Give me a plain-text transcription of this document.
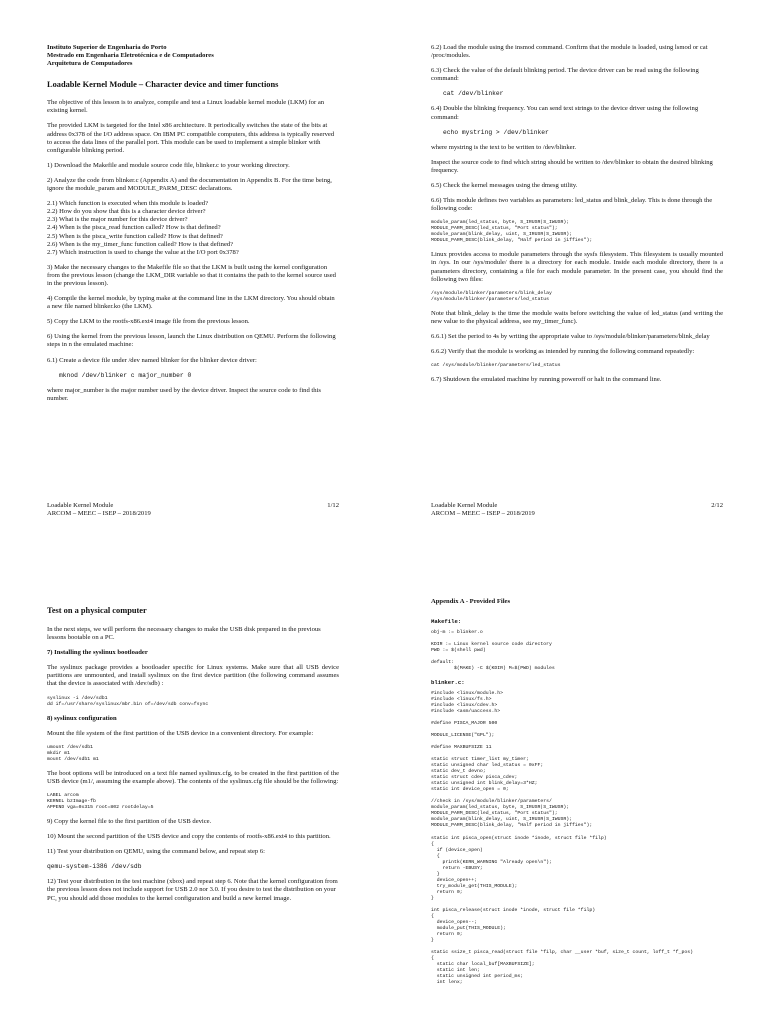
Instituto Superior de Engenharia do Porto
Mestrado em Engenharia Eletrotécnica e de Computadores
Arquitetura de Computadores
Loadable Kernel Module – Character device and timer functions
The objective of this lesson is to analyze, compile and test a Linux loadable kernel module (LKM) for an existing kernel.
The provided LKM is targeted for the Intel x86 architecture. It periodically switches the state of the bits at address 0x378 of the I/O address space. On IBM PC compatible computers, this address is typically reserved to access the data lines of the parallel port. This module can be used to implement a simple blinker with configurable blinking period.
1) Download the Makefile and module source code file, blinker.c to your working directory.
2) Analyze the code from blinker.c (Appendix A) and the documentation in Appendix B. For the time being, ignore the module_param and MODULE_PARM_DESC declarations.
2.1) Which function is executed when this module is loaded?
2.2) How do you show that this is a character device driver?
2.3) What is the major number for this device driver?
2.4) When is the pisca_read function called? How is that defined?
2.5) When is the pisca_write function called? How is that defined?
2.6) When is the my_timer_func function called? How is that defined?
2.7) Which instruction is used to change the value at the I/O port 0x378?
3) Make the necessary changes to the Makefile file so that the LKM is built using the kernel configuration from the previous lesson (change the LKM_DIR variable so that it contains the path to the kernel source used in the previous lesson).
4) Compile the kernel module, by typing make at the command line in the LKM directory. You should obtain a new file named blinker.ko (the LKM).
5) Copy the LKM to the rootfs-x86.ext4 image file from the previous lesson.
6) Using the kernel from the previous lesson, launch the Linux distribution on QEMU. Perform the following steps in n the emulated machine:
6.1) Create a device file under /dev named blinker for the blinker device driver:
mknod /dev/blinker c major_number 0
where major_number is the major number used by the device driver. Inspect the source code to find this number.
Loadable Kernel Module	1/12
ARCOM – MEEC – ISEP – 2018/2019
6.2) Load the module using the insmod command. Confirm that the module is loaded, using lsmod or cat /proc/modules.
6.3) Check the value of the default blinking period. The device driver can be read using the following command:
cat /dev/blinker
6.4) Double the blinking frequency. You can send text strings to the device driver using the following command:
echo mystring > /dev/blinker
where mystring is the text to be written to /dev/blinker.
Inspect the source code to find which string should be written to /dev/blinker to obtain the desired blinking frequency.
6.5) Check the kernel messages using the dmesg utility.
6.6) This module defines two variables as parameters: led_status and blink_delay. This is done through the following code:
module_param(led_status, byte, S_IRUSR|S_IWUSR);
MODULE_PARM_DESC(led_status, "Port status");
module_param(blink_delay, uint, S_IRUSR|S_IWUSR);
MODULE_PARM_DESC(blink_delay, "Half period in jiffies");
Linux provides access to module parameters through the sysfs filesystem. This filesystem is usually mounted in /sys. In our /sys/module/ there is a directory for each module. Inside each module directory, there is a parameters directory, containing a file for each module parameter. In the present case, you should find the following two files:
/sys/module/blinker/parameters/blink_delay
/sys/module/blinker/parameters/led_status
Note that blink_delay is the time the module waits before switching the value of led_status (and writing the new value to the physical address, see my_timer_func).
6.6.1) Set the period to 4s by writing the appropriate value to /sys/module/blinker/parameters/blink_delay
6.6.2) Verify that the module is working as intended by running the following command repeatedly:
cat /sys/module/blinker/parameters/led_status
6.7) Shutdown the emulated machine by running poweroff or halt in the command line.
Loadable Kernel Module	2/12
ARCOM – MEEC – ISEP – 2018/2019
Test on a physical computer
In the next steps, we will perform the necessary changes to make the USB disk prepared in the previous lessons bootable on a PC.
7) Installing the syslinux bootloader
The syslinux package provides a bootloader specific for Linux systems. Make sure that all USB device partitions are unmounted, and install syslinux on the first device partition (the following command assumes that the device is associated with /dev/sdb) :
syslinux -i /dev/sdb1
dd if=/usr/share/syslinux/mbr.bin of=/dev/sdb conv=fsync
8) syslinux configuration
Mount the file system of the first partition of the USB device in a convenient directory. For example:
umount /dev/sdb1
mkdir m1
mount /dev/sdb1 m1
The boot options will be introduced on a text file named syslinux.cfg, to be created in the first partition of the USB device (m1/, assuming the example above). The contents of the syslinux.cfg file should be the following:
LABEL arcom
KERNEL bzImage-fb
APPEND vga=0x315 root=802 rootdelay=5
9) Copy the kernel file to the first partition of the USB device.
10) Mount the second partition of the USB device and copy the contents of rootfs-x86.ext4 to this partition.
11) Test your distribution on QEMU, using the command below, and repeat step 6:
qemu-system-i386 /dev/sdb
12) Test your distribution in the test machine (xbox) and repeat step 6. Note that the kernel configuration from the previous lesson does not include support for USB 2.0 nor 3.0. If you desire to test the distribution on your PC, you should add those modules to the kernel configuration and build a new kernel image.
Appendix A - Provided Files
Makefile:
obj-m := blinker.o

KDIR := Linux kernel source code directory
PWD := $(shell pwd)

default:
$(MAKE) -C $(KDIR) M=$(PWD) modules
blinker.c:
#include <linux/module.h>
#include <linux/fs.h>
#include <linux/cdev.h>
#include <asm/uaccess.h>

#define PISCA_MAJOR 500

MODULE_LICENSE("GPL");

#define MAXBUFSIZE 11

static struct timer_list my_timer;
static unsigned char led_status = 0xFF;
static dev_t devno;
static struct cdev pisca_cdev;
static unsigned int blink_delay=3*HZ;
static int device_open = 0;

//check in /sys/module/blinker/parameters/
module_param(led_status, byte, S_IRUSR|S_IWUSR);
MODULE_PARM_DESC(led_status, "Port status");
module_param(blink_delay, uint, S_IRUSR|S_IWUSR);
MODULE_PARM_DESC(blink_delay, "Half period in jiffies");
static int pisca_open(struct inode *inode, struct file *filp)
{
if (device_open)
{
printk(KERN_WARNING "Already open\n");
return -EBUSY;
}
device_open++;
try_module_get(THIS_MODULE);
return 0;
}

int pisca_release(struct inode *inode, struct file *filp)
{
device_open--;
module_put(THIS_MODULE);
return 0;
}

static ssize_t pisca_read(struct file *filp, char __user *buf, size_t count, loff_t *f_pos)
{
static char local_buf[MAXBUFSIZE];
static int len;
static unsigned int period_ms;
int lenx;
